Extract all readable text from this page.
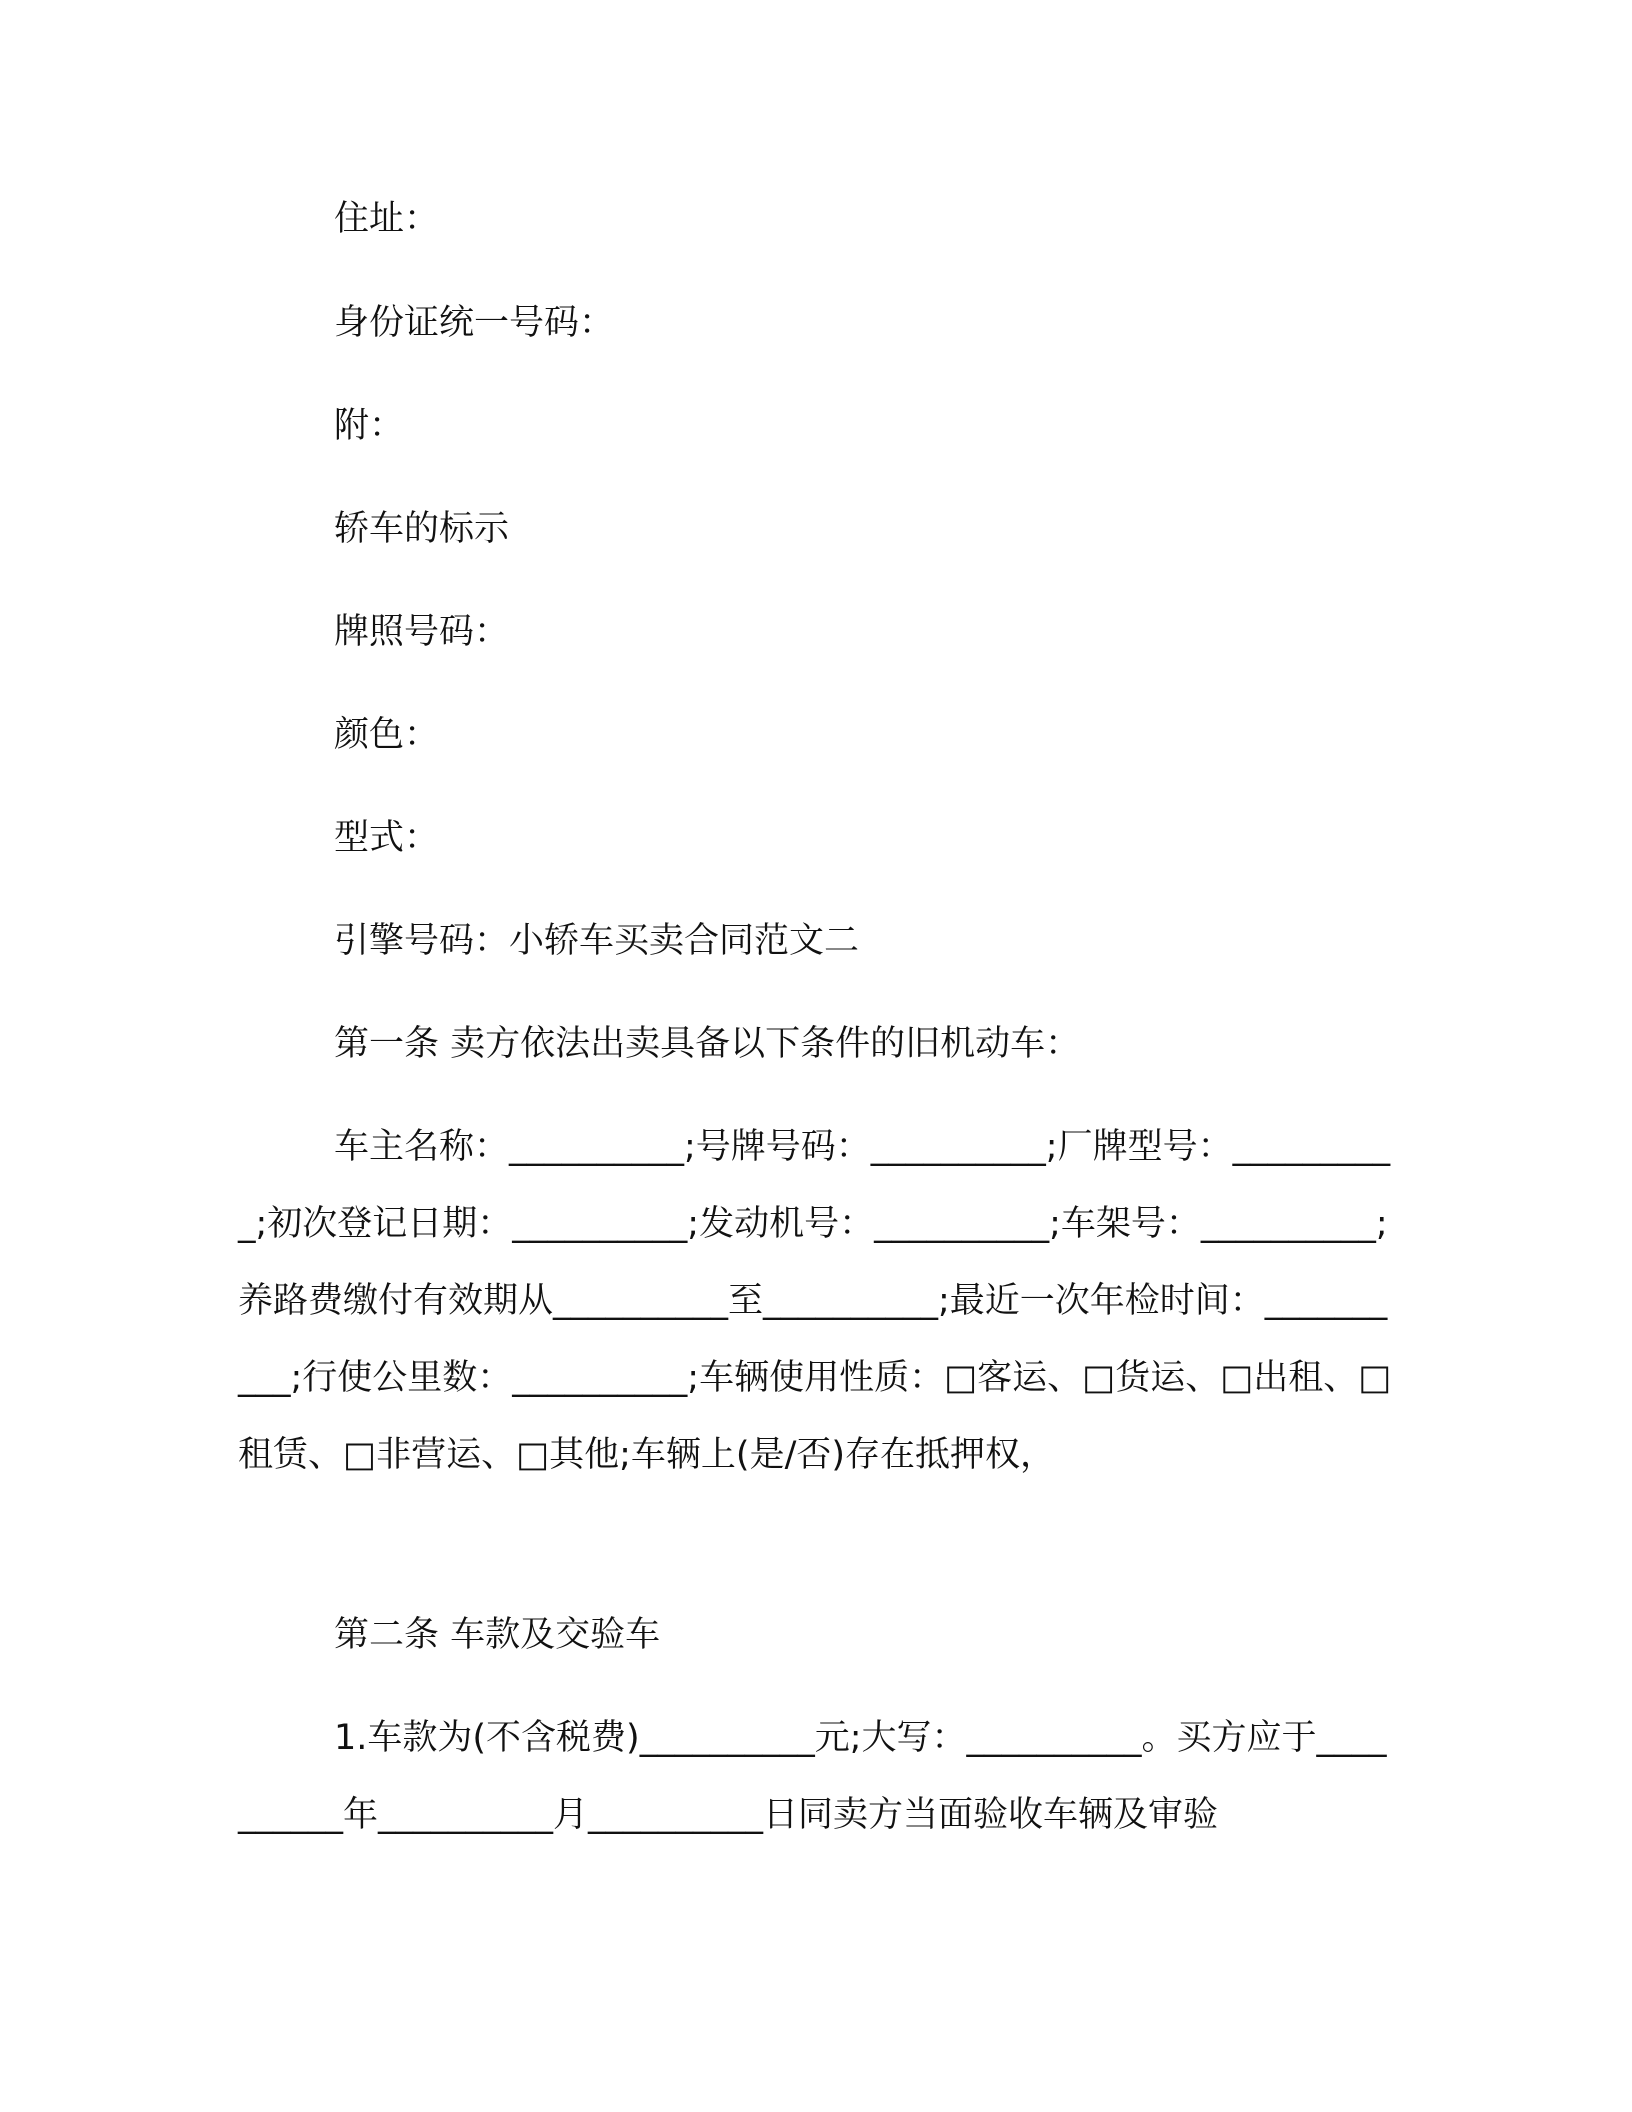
住址：
身份证统一号码：
附：
轿车的标示
牌照号码：
颜色：
型式：
引擎号码：小轿车买卖合同范文二
第一条 卖方依法出卖具备以下条件的旧机动车：
车主名称：__________;号牌号码：__________;厂牌型号：__________;初次登记日期：__________;发动机号：__________;车架号：__________;养路费缴付有效期从__________至__________;最近一次年检时间：__________;行使公里数：__________;车辆使用性质：□客运、□货运、□出租、□租赁、□非营运、□其他;车辆上(是/否)存在抵押权，
第二条 车款及交验车
1.车款为(不含税费)__________元;大写：__________。买方应于__________年__________月__________日同卖方当面验收车辆及审验
